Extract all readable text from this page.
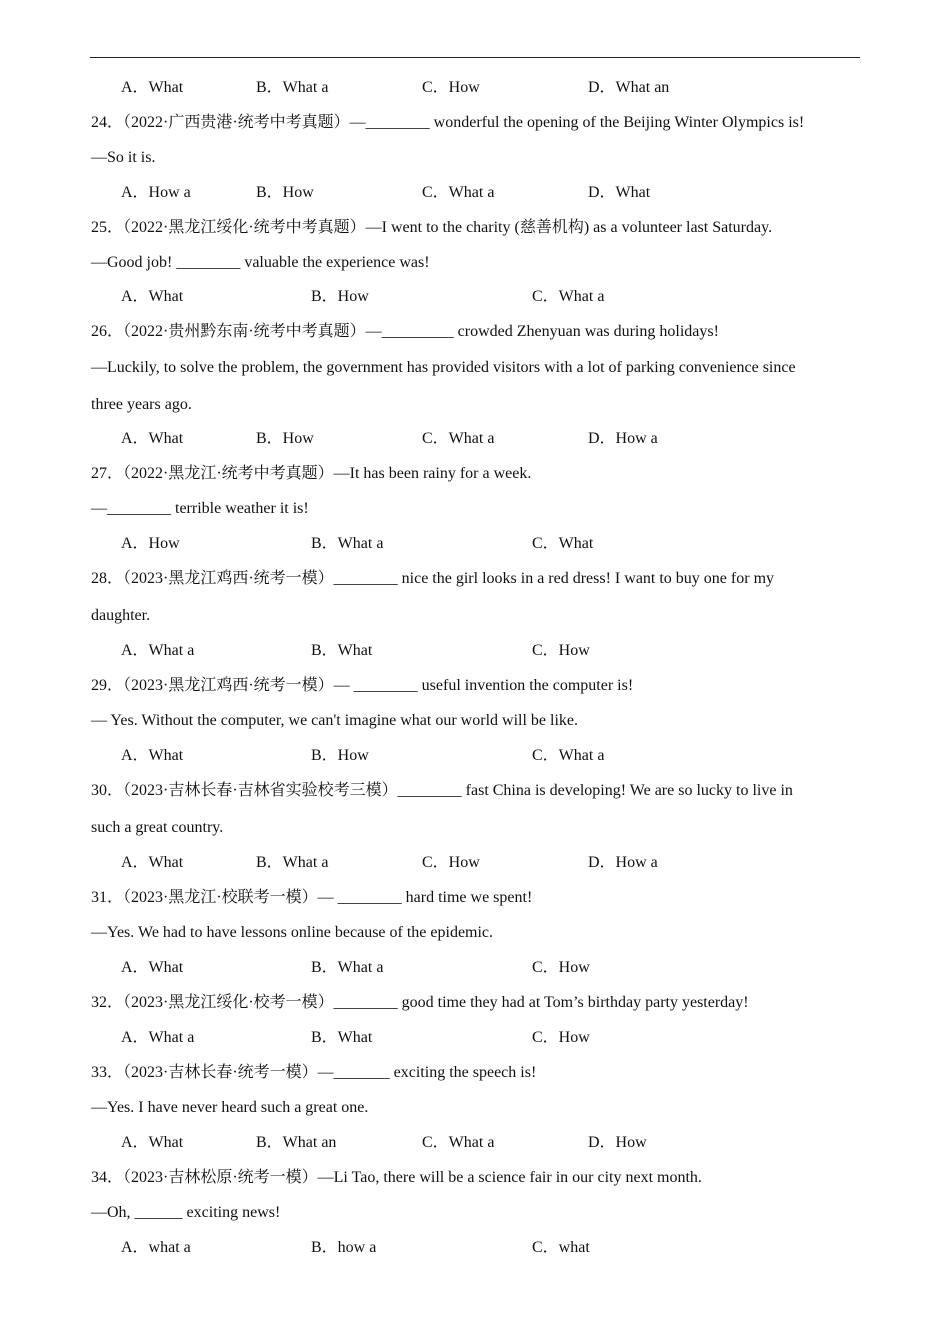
A．What	B．What a	C．How	D．What an
24．（2022·广西贵港·统考中考真题）—________ wonderful the opening of the Beijing Winter Olympics is!
—So it is.
A．How a	B．How	C．What a	D．What
25．（2022·黑龙江绥化·统考中考真题）—I went to the charity (慈善机构) as a volunteer last Saturday.
—Good job! ________ valuable the experience was!
A．What	B．How	C．What a
26．（2022·贵州黔东南·统考中考真题）—_________ crowded Zhenyuan was during holidays!
—Luckily, to solve the problem, the government has provided visitors with a lot of parking convenience since
three years ago.
A．What	B．How	C．What a	D．How a
27．（2022·黑龙江·统考中考真题）—It has been rainy for a week.
—________ terrible weather it is!
A．How	B．What a	C．What
28．（2023·黑龙江鸡西·统考一模）________ nice the girl looks in a red dress! I want to buy one for my
daughter.
A．What a	B．What	C．How
29．（2023·黑龙江鸡西·统考一模）— ________ useful invention the computer is!
— Yes. Without the computer, we can't imagine what our world will be like.
A．What	B．How	C．What a
30．（2023·吉林长春·吉林省实验校考三模）________ fast China is developing! We are so lucky to live in
such a great country.
A．What	B．What a	C．How	D．How a
31．（2023·黑龙江·校联考一模）— ________ hard time we spent!
—Yes. We had to have lessons online because of the epidemic.
A．What	B．What a	C．How
32．（2023·黑龙江绥化·校考一模）________ good time they had at Tom’s birthday party yesterday!
A．What a	B．What	C．How
33．（2023·吉林长春·统考一模）—_______ exciting the speech is!
—Yes. I have never heard such a great one.
A．What	B．What an	C．What a	D．How
34．（2023·吉林松原·统考一模）—Li Tao, there will be a science fair in our city next month.
—Oh, ______ exciting news!
A．what a	B．how a	C．what
